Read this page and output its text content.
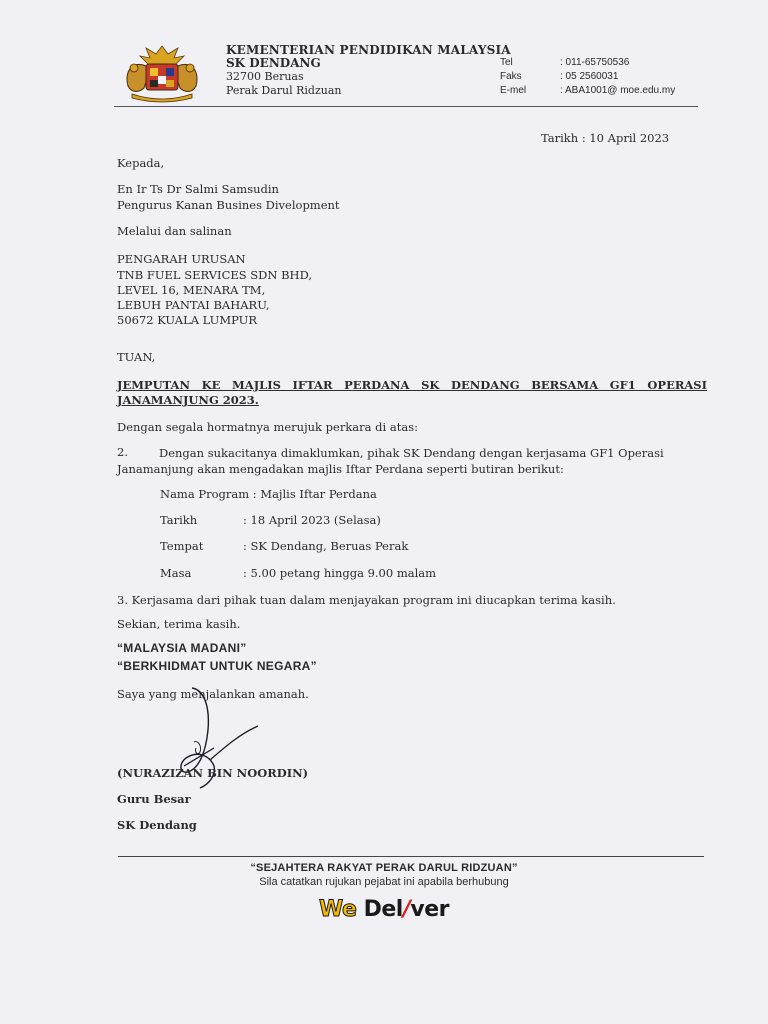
KEMENTERIAN PENDIDIKAN MALAYSIA
SK DENDANG
32700 Beruas
Perak Darul Ridzuan
Tel	: 011-65750536
Faks	: 05 2560031
E-mel	: ABA1001@ moe.edu.my
Tarikh : 10 April 2023
Kepada,
En Ir Ts Dr Salmi Samsudin
Pengurus Kanan Busines Divelopment
Melalui dan salinan
PENGARAH URUSAN
TNB FUEL SERVICES SDN BHD,
LEVEL 16, MENARA TM,
LEBUH PANTAI BAHARU,
50672 KUALA LUMPUR
TUAN,
JEMPUTAN KE MAJLIS IFTAR PERDANA SK DENDANG BERSAMA GF1 OPERASI
JANAMANJUNG 2023.
Dengan segala hormatnya merujuk perkara di atas:
2.	Dengan sukacitanya dimaklumkan, pihak SK Dendang dengan kerjasama GF1 Operasi Janamanjung akan mengadakan majlis Iftar Perdana seperti butiran berikut:
Nama Program : Majlis Iftar Perdana
Tarikh	: 18 April 2023 (Selasa)
Tempat	: SK Dendang, Beruas Perak
Masa	: 5.00 petang hingga 9.00 malam
3. Kerjasama dari pihak tuan dalam menjayakan program ini diucapkan terima kasih.
Sekian, terima kasih.
“MALAYSIA MADANI”
“BERKHIDMAT UNTUK NEGARA”
Saya yang menjalankan amanah.
(NURAZIZAN BIN NOORDIN)
Guru Besar
SK Dendang
“SEJAHTERA RAKYAT PERAK DARUL RIDZUAN”
Sila catatkan rujukan pejabat ini apabila berhubung
We Del/ver
